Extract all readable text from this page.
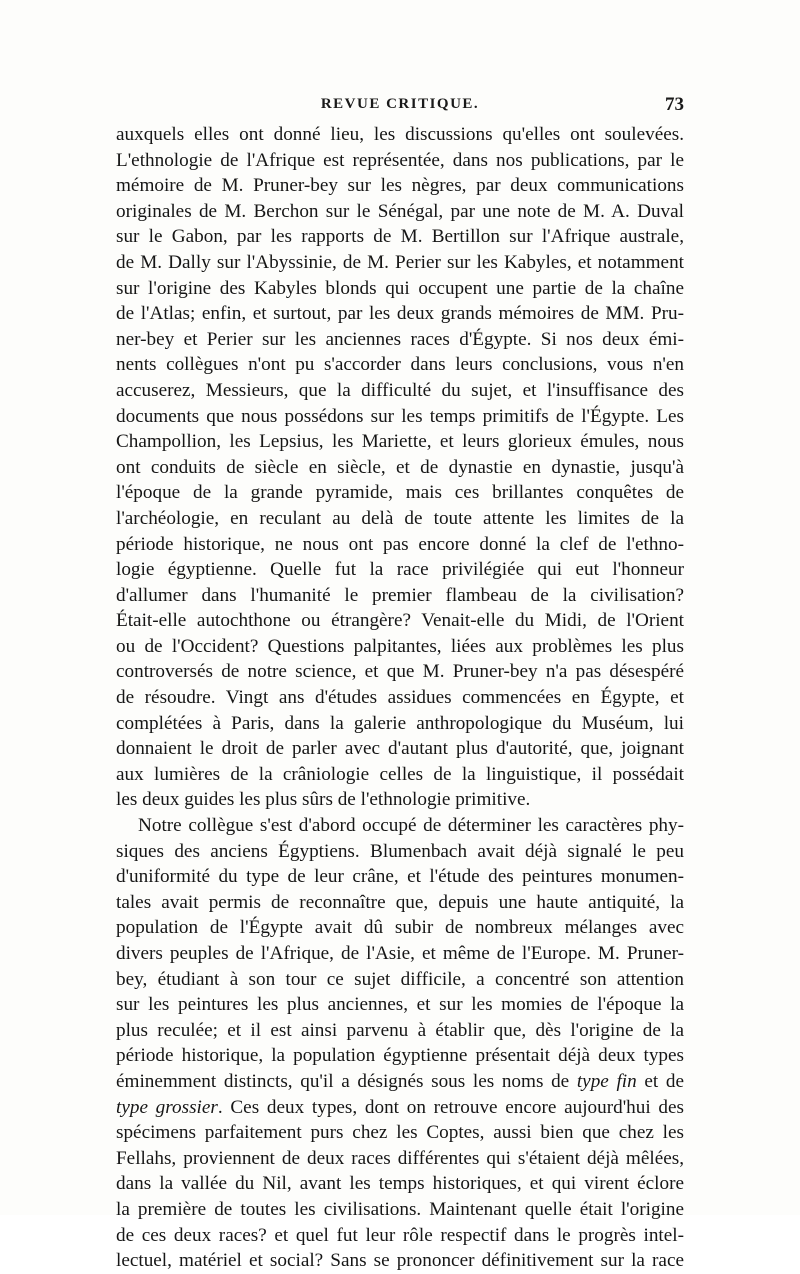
REVUE CRITIQUE.	73
auxquels elles ont donné lieu, les discussions qu'elles ont soulevées.
L'ethnologie de l'Afrique est représentée, dans nos publications, par le
mémoire de M. Pruner-bey sur les nègres, par deux communications
originales de M. Berchon sur le Sénégal, par une note de M. A. Duval
sur le Gabon, par les rapports de M. Bertillon sur l'Afrique australe,
de M. Dally sur l'Abyssinie, de M. Perier sur les Kabyles, et notamment
sur l'origine des Kabyles blonds qui occupent une partie de la chaîne
de l'Atlas; enfin, et surtout, par les deux grands mémoires de MM. Pru-
ner-bey et Perier sur les anciennes races d'Égypte. Si nos deux émi-
nents collègues n'ont pu s'accorder dans leurs conclusions, vous n'en
accuserez, Messieurs, que la difficulté du sujet, et l'insuffisance des
documents que nous possédons sur les temps primitifs de l'Égypte. Les
Champollion, les Lepsius, les Mariette, et leurs glorieux émules, nous
ont conduits de siècle en siècle, et de dynastie en dynastie, jusqu'à
l'époque de la grande pyramide, mais ces brillantes conquêtes de
l'archéologie, en reculant au delà de toute attente les limites de la
période historique, ne nous ont pas encore donné la clef de l'ethno-
logie égyptienne. Quelle fut la race privilégiée qui eut l'honneur
d'allumer dans l'humanité le premier flambeau de la civilisation?
Était-elle autochthone ou étrangère? Venait-elle du Midi, de l'Orient
ou de l'Occident? Questions palpitantes, liées aux problèmes les plus
controversés de notre science, et que M. Pruner-bey n'a pas désespéré
de résoudre. Vingt ans d'études assidues commencées en Égypte, et
complétées à Paris, dans la galerie anthropologique du Muséum, lui
donnaient le droit de parler avec d'autant plus d'autorité, que, joignant
aux lumières de la crâniologie celles de la linguistique, il possédait
les deux guides les plus sûrs de l'ethnologie primitive.
Notre collègue s'est d'abord occupé de déterminer les caractères phy-
siques des anciens Égyptiens. Blumenbach avait déjà signalé le peu
d'uniformité du type de leur crâne, et l'étude des peintures monumen-
tales avait permis de reconnaître que, depuis une haute antiquité, la
population de l'Égypte avait dû subir de nombreux mélanges avec
divers peuples de l'Afrique, de l'Asie, et même de l'Europe. M. Pruner-
bey, étudiant à son tour ce sujet difficile, a concentré son attention
sur les peintures les plus anciennes, et sur les momies de l'époque la
plus reculée; et il est ainsi parvenu à établir que, dès l'origine de la
période historique, la population égyptienne présentait déjà deux types
éminemment distincts, qu'il a désignés sous les noms de type fin et de
type grossier. Ces deux types, dont on retrouve encore aujourd'hui des
spécimens parfaitement purs chez les Coptes, aussi bien que chez les
Fellahs, proviennent de deux races différentes qui s'étaient déjà mêlées,
dans la vallée du Nil, avant les temps historiques, et qui virent éclore
la première de toutes les civilisations. Maintenant quelle était l'origine
de ces deux races? et quel fut leur rôle respectif dans le progrès intel-
lectuel, matériel et social? Sans se prononcer définitivement sur la race
